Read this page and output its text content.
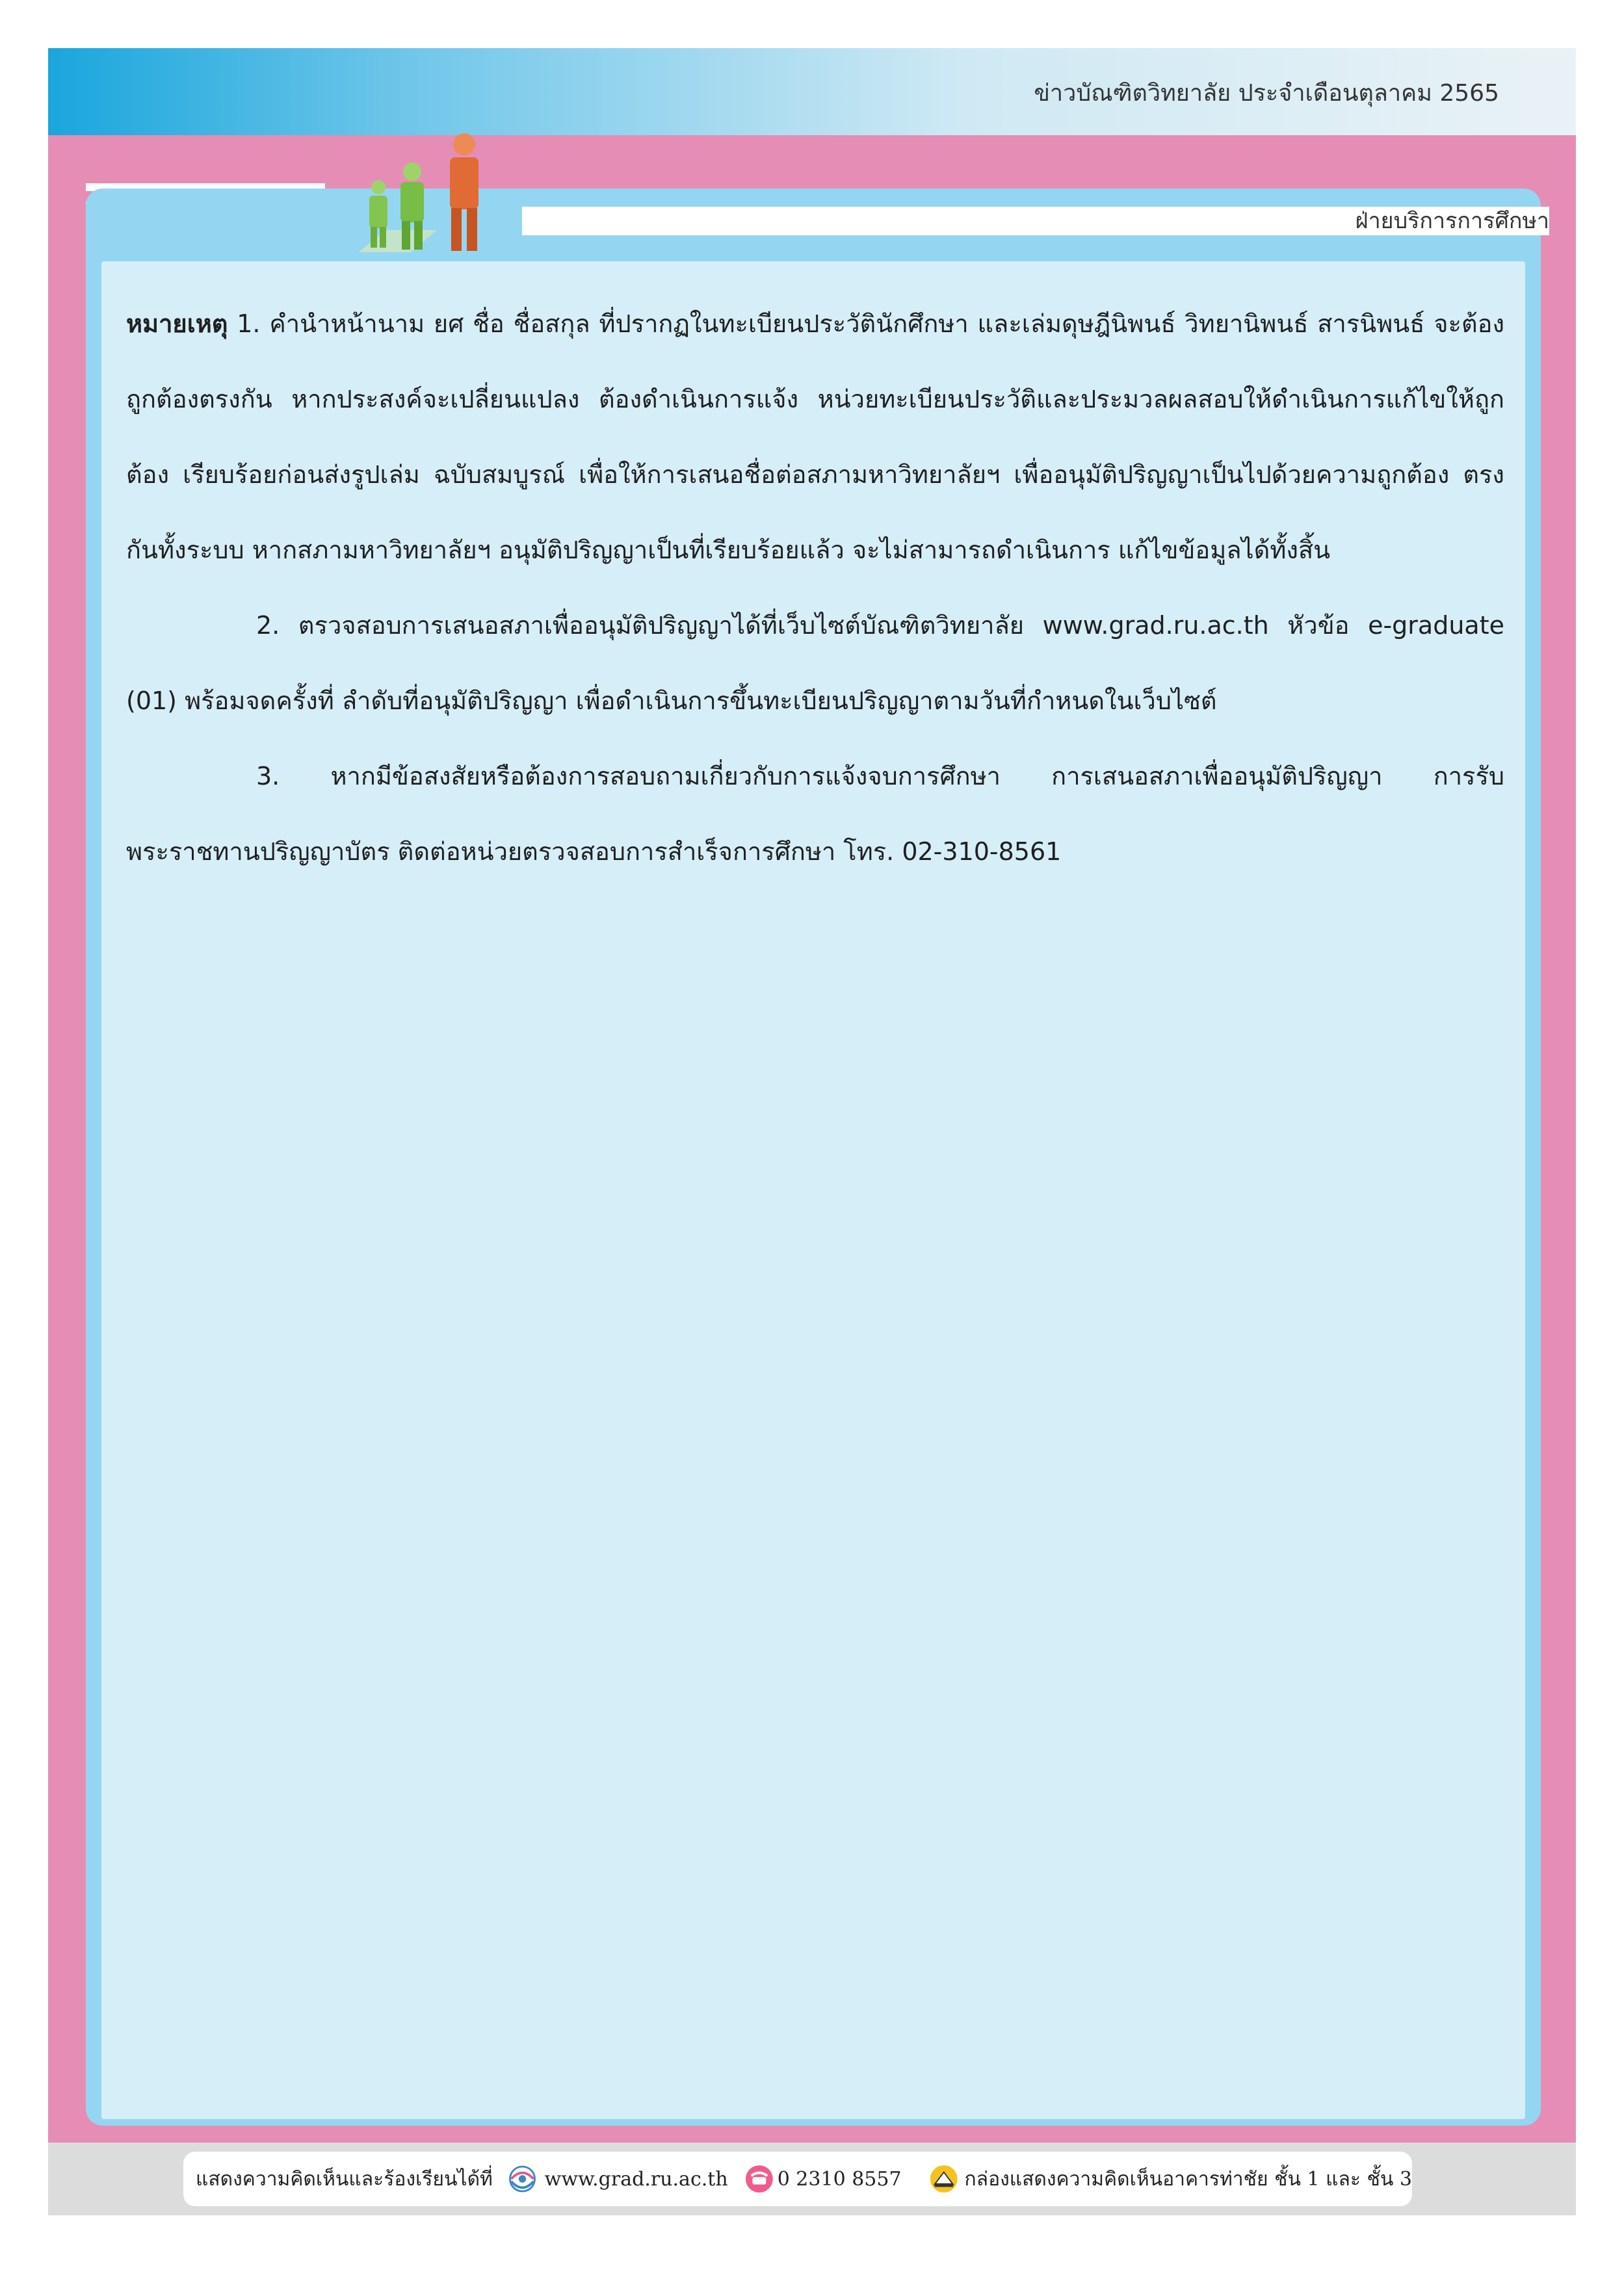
ข่าวบัณฑิตวิทยาลัย ประจำเดือนตุลาคม 2565
ฝ่ายบริการการศึกษา

หมายเหตุ 1. คำนำหน้านาม ยศ ชื่อ ชื่อสกุล ที่ปรากฏในทะเบียนประวัตินักศึกษา และเล่มดุษฎีนิพนธ์ วิทยานิพนธ์ สารนิพนธ์ จะต้องถูกต้องตรงกัน หากประสงค์จะเปลี่ยนแปลง ต้องดำเนินการแจ้ง หน่วยทะเบียนประวัติและประมวลผลสอบให้ดำเนินการแก้ไขให้ถูกต้อง เรียบร้อยก่อนส่งรูปเล่ม ฉบับสมบูรณ์ เพื่อให้การเสนอชื่อต่อสภามหาวิทยาลัยฯ เพื่ออนุมัติปริญญาเป็นไปด้วยความถูกต้อง ตรงกันทั้งระบบ หากสภามหาวิทยาลัยฯ อนุมัติปริญญาเป็นที่เรียบร้อยแล้ว จะไม่สามารถดำเนินการ แก้ไขข้อมูลได้ทั้งสิ้น

2. ตรวจสอบการเสนอสภาเพื่ออนุมัติปริญญาได้ที่เว็บไซต์บัณฑิตวิทยาลัย www.grad.ru.ac.th หัวข้อ e-graduate (01) พร้อมจดครั้งที่ ลำดับที่อนุมัติปริญญา เพื่อดำเนินการขึ้นทะเบียนปริญญาตามวันที่กำหนดในเว็บไซต์

3. หากมีข้อสงสัยหรือต้องการสอบถามเกี่ยวกับการแจ้งจบการศึกษา การเสนอสภาเพื่ออนุมัติปริญญา การรับพระราชทานปริญญาบัตร ติดต่อหน่วยตรวจสอบการสำเร็จการศึกษา โทร. 02-310-8561

แสดงความคิดเห็นและร้องเรียนได้ที่	www.grad.ru.ac.th	0 2310 8557	กล่องแสดงความคิดเห็นอาคารท่าชัย ชั้น 1 และ ชั้น 3
